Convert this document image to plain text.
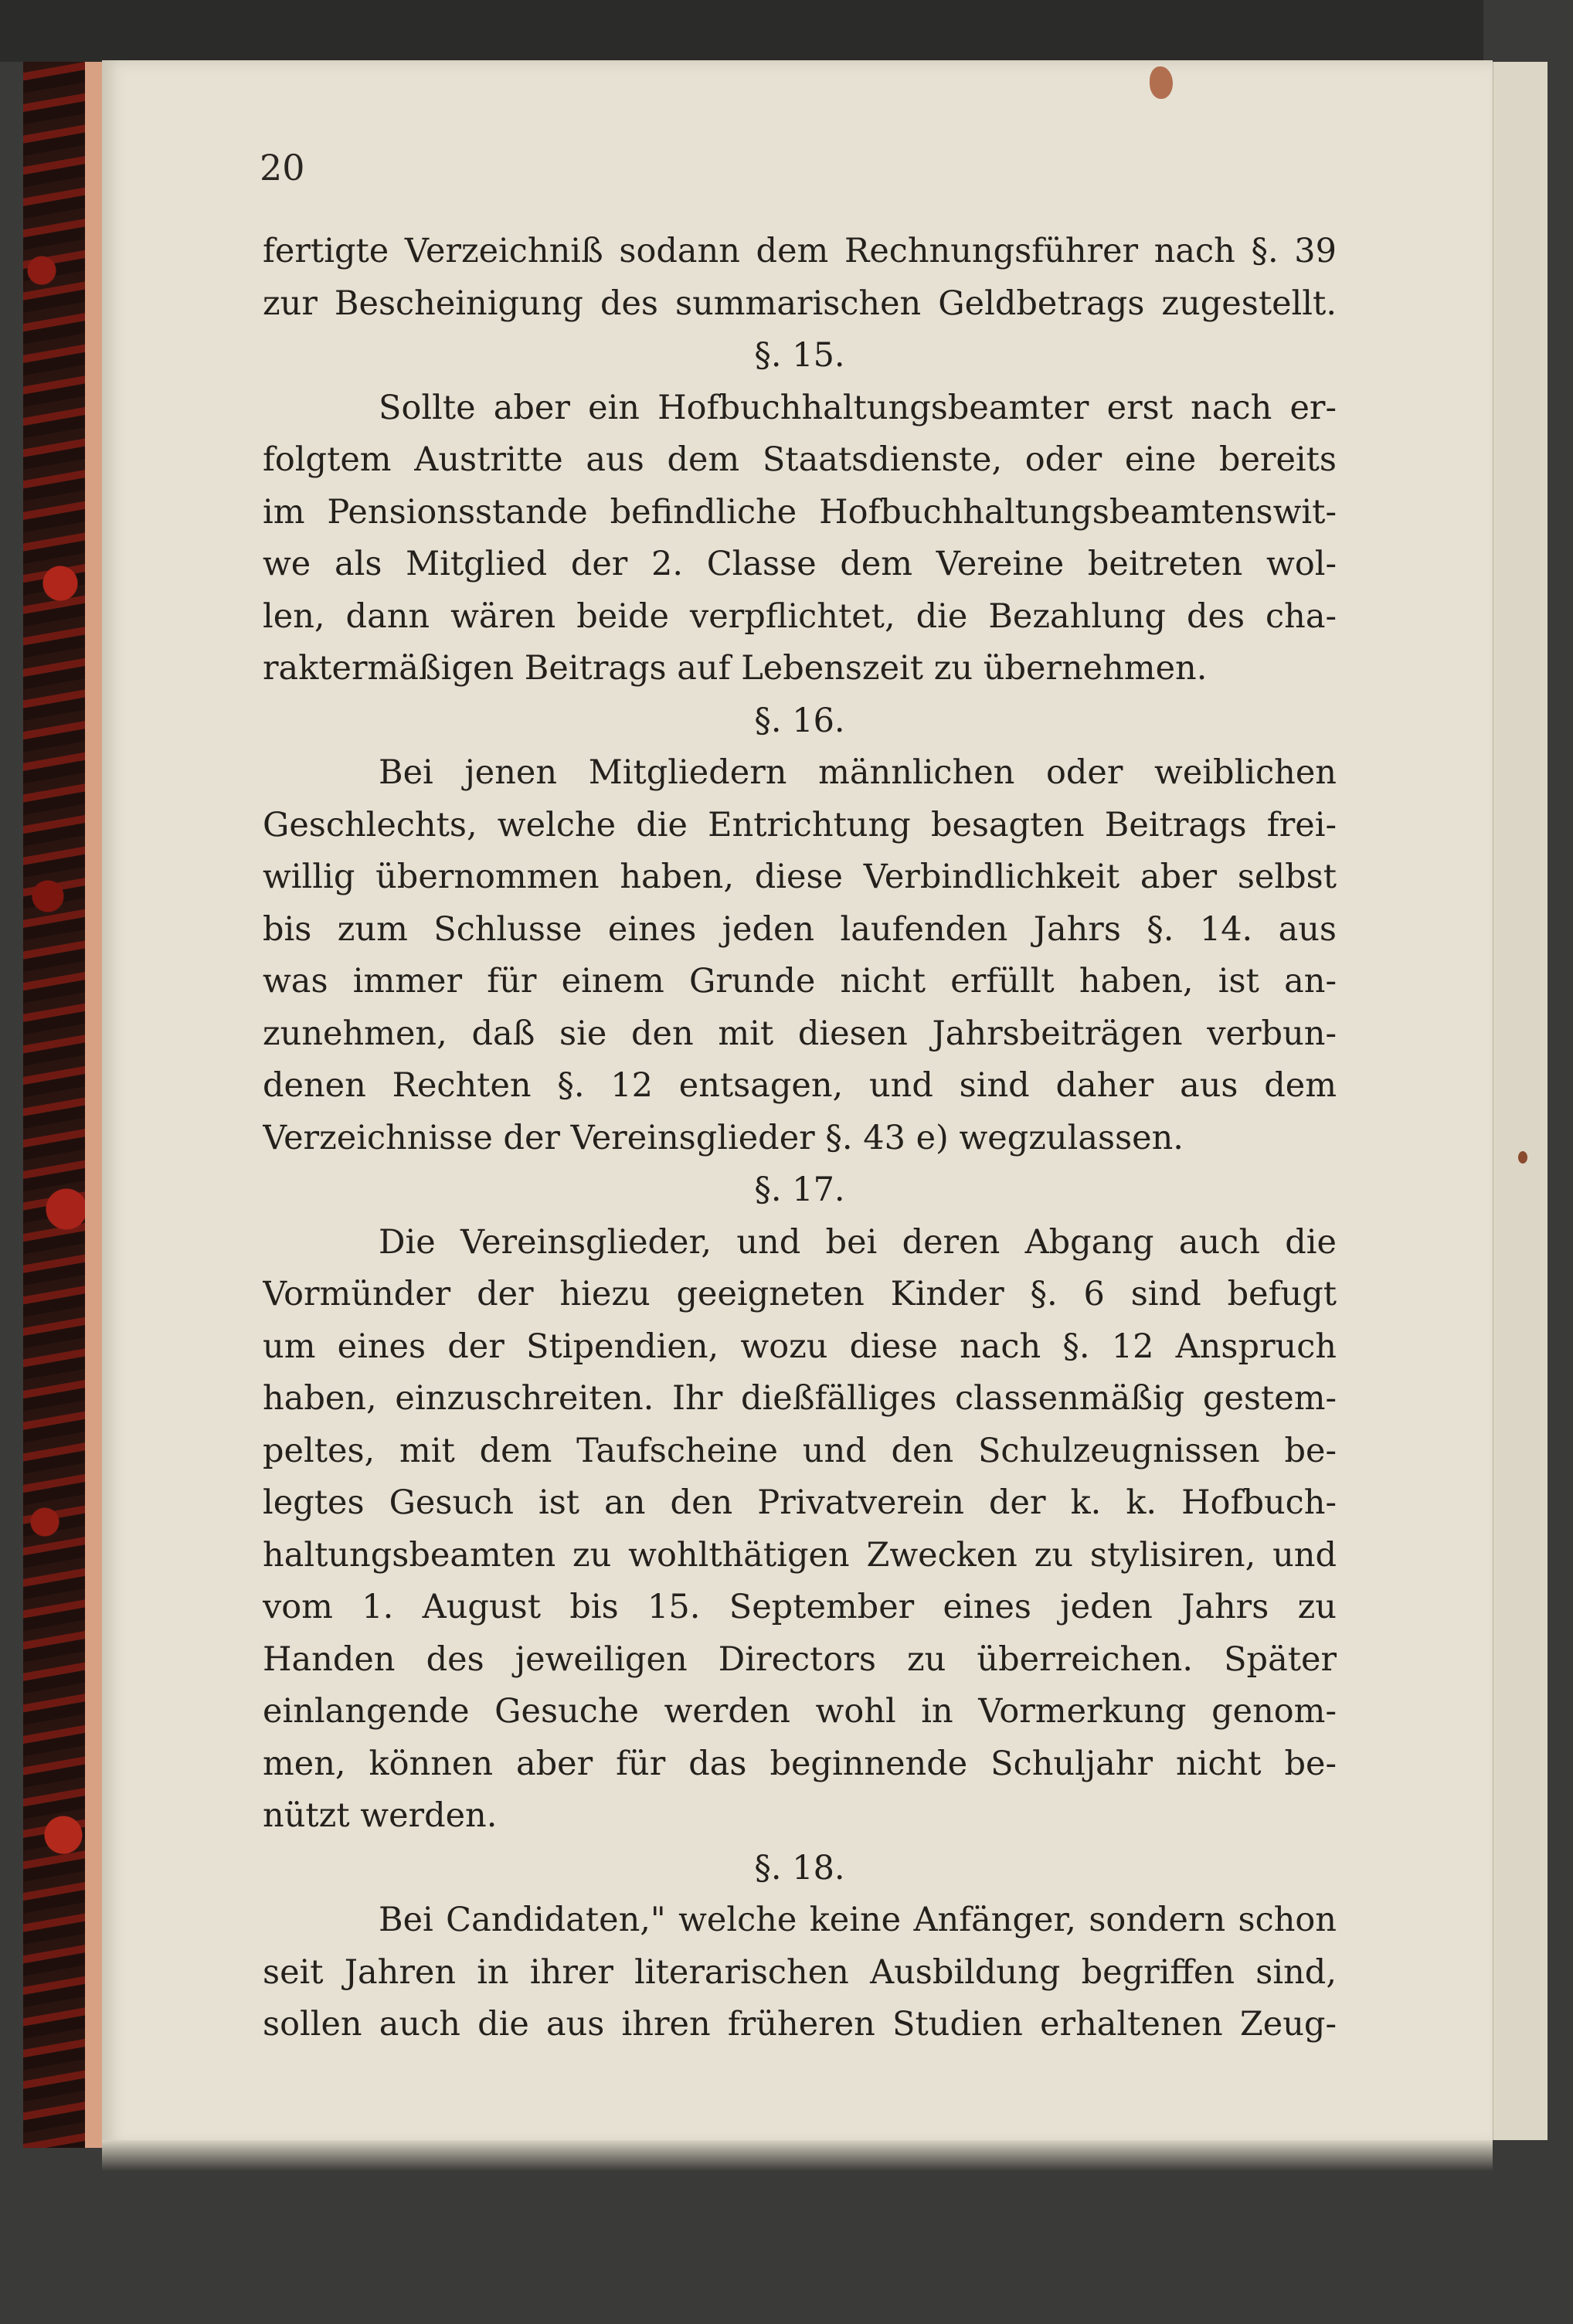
20
fertigte Verzeichniß sodann dem Rechnungsführer nach §. 39
zur Bescheinigung des summarischen Geldbetrags zugestellt.
§. 15.
Sollte aber ein Hofbuchhaltungsbeamter erst nach er-
folgtem Austritte aus dem Staatsdienste, oder eine bereits
im Pensionsstande befindliche Hofbuchhaltungsbeamtenswit-
we als Mitglied der 2. Classe dem Vereine beitreten wol-
len, dann wären beide verpflichtet, die Bezahlung des cha-
raktermäßigen Beitrags auf Lebenszeit zu übernehmen.
§. 16.
Bei jenen Mitgliedern männlichen oder weiblichen
Geschlechts, welche die Entrichtung besagten Beitrags frei-
willig übernommen haben, diese Verbindlichkeit aber selbst
bis zum Schlusse eines jeden laufenden Jahrs §. 14. aus
was immer für einem Grunde nicht erfüllt haben, ist an-
zunehmen, daß sie den mit diesen Jahrsbeiträgen verbun-
denen Rechten §. 12 entsagen, und sind daher aus dem
Verzeichnisse der Vereinsglieder §. 43 e) wegzulassen.
§. 17.
Die Vereinsglieder, und bei deren Abgang auch die
Vormünder der hiezu geeigneten Kinder §. 6 sind befugt
um eines der Stipendien, wozu diese nach §. 12 Anspruch
haben, einzuschreiten. Ihr dießfälliges classenmäßig gestem-
peltes, mit dem Taufscheine und den Schulzeugnissen be-
legtes Gesuch ist an den Privatverein der k. k. Hofbuch-
haltungsbeamten zu wohlthätigen Zwecken zu stylisiren, und
vom 1. August bis 15. September eines jeden Jahrs zu
Handen des jeweiligen Directors zu überreichen. Später
einlangende Gesuche werden wohl in Vormerkung genom-
men, können aber für das beginnende Schuljahr nicht be-
nützt werden.
§. 18.
Bei Candidaten," welche keine Anfänger, sondern schon
seit Jahren in ihrer literarischen Ausbildung begriffen sind,
sollen auch die aus ihren früheren Studien erhaltenen Zeug-
